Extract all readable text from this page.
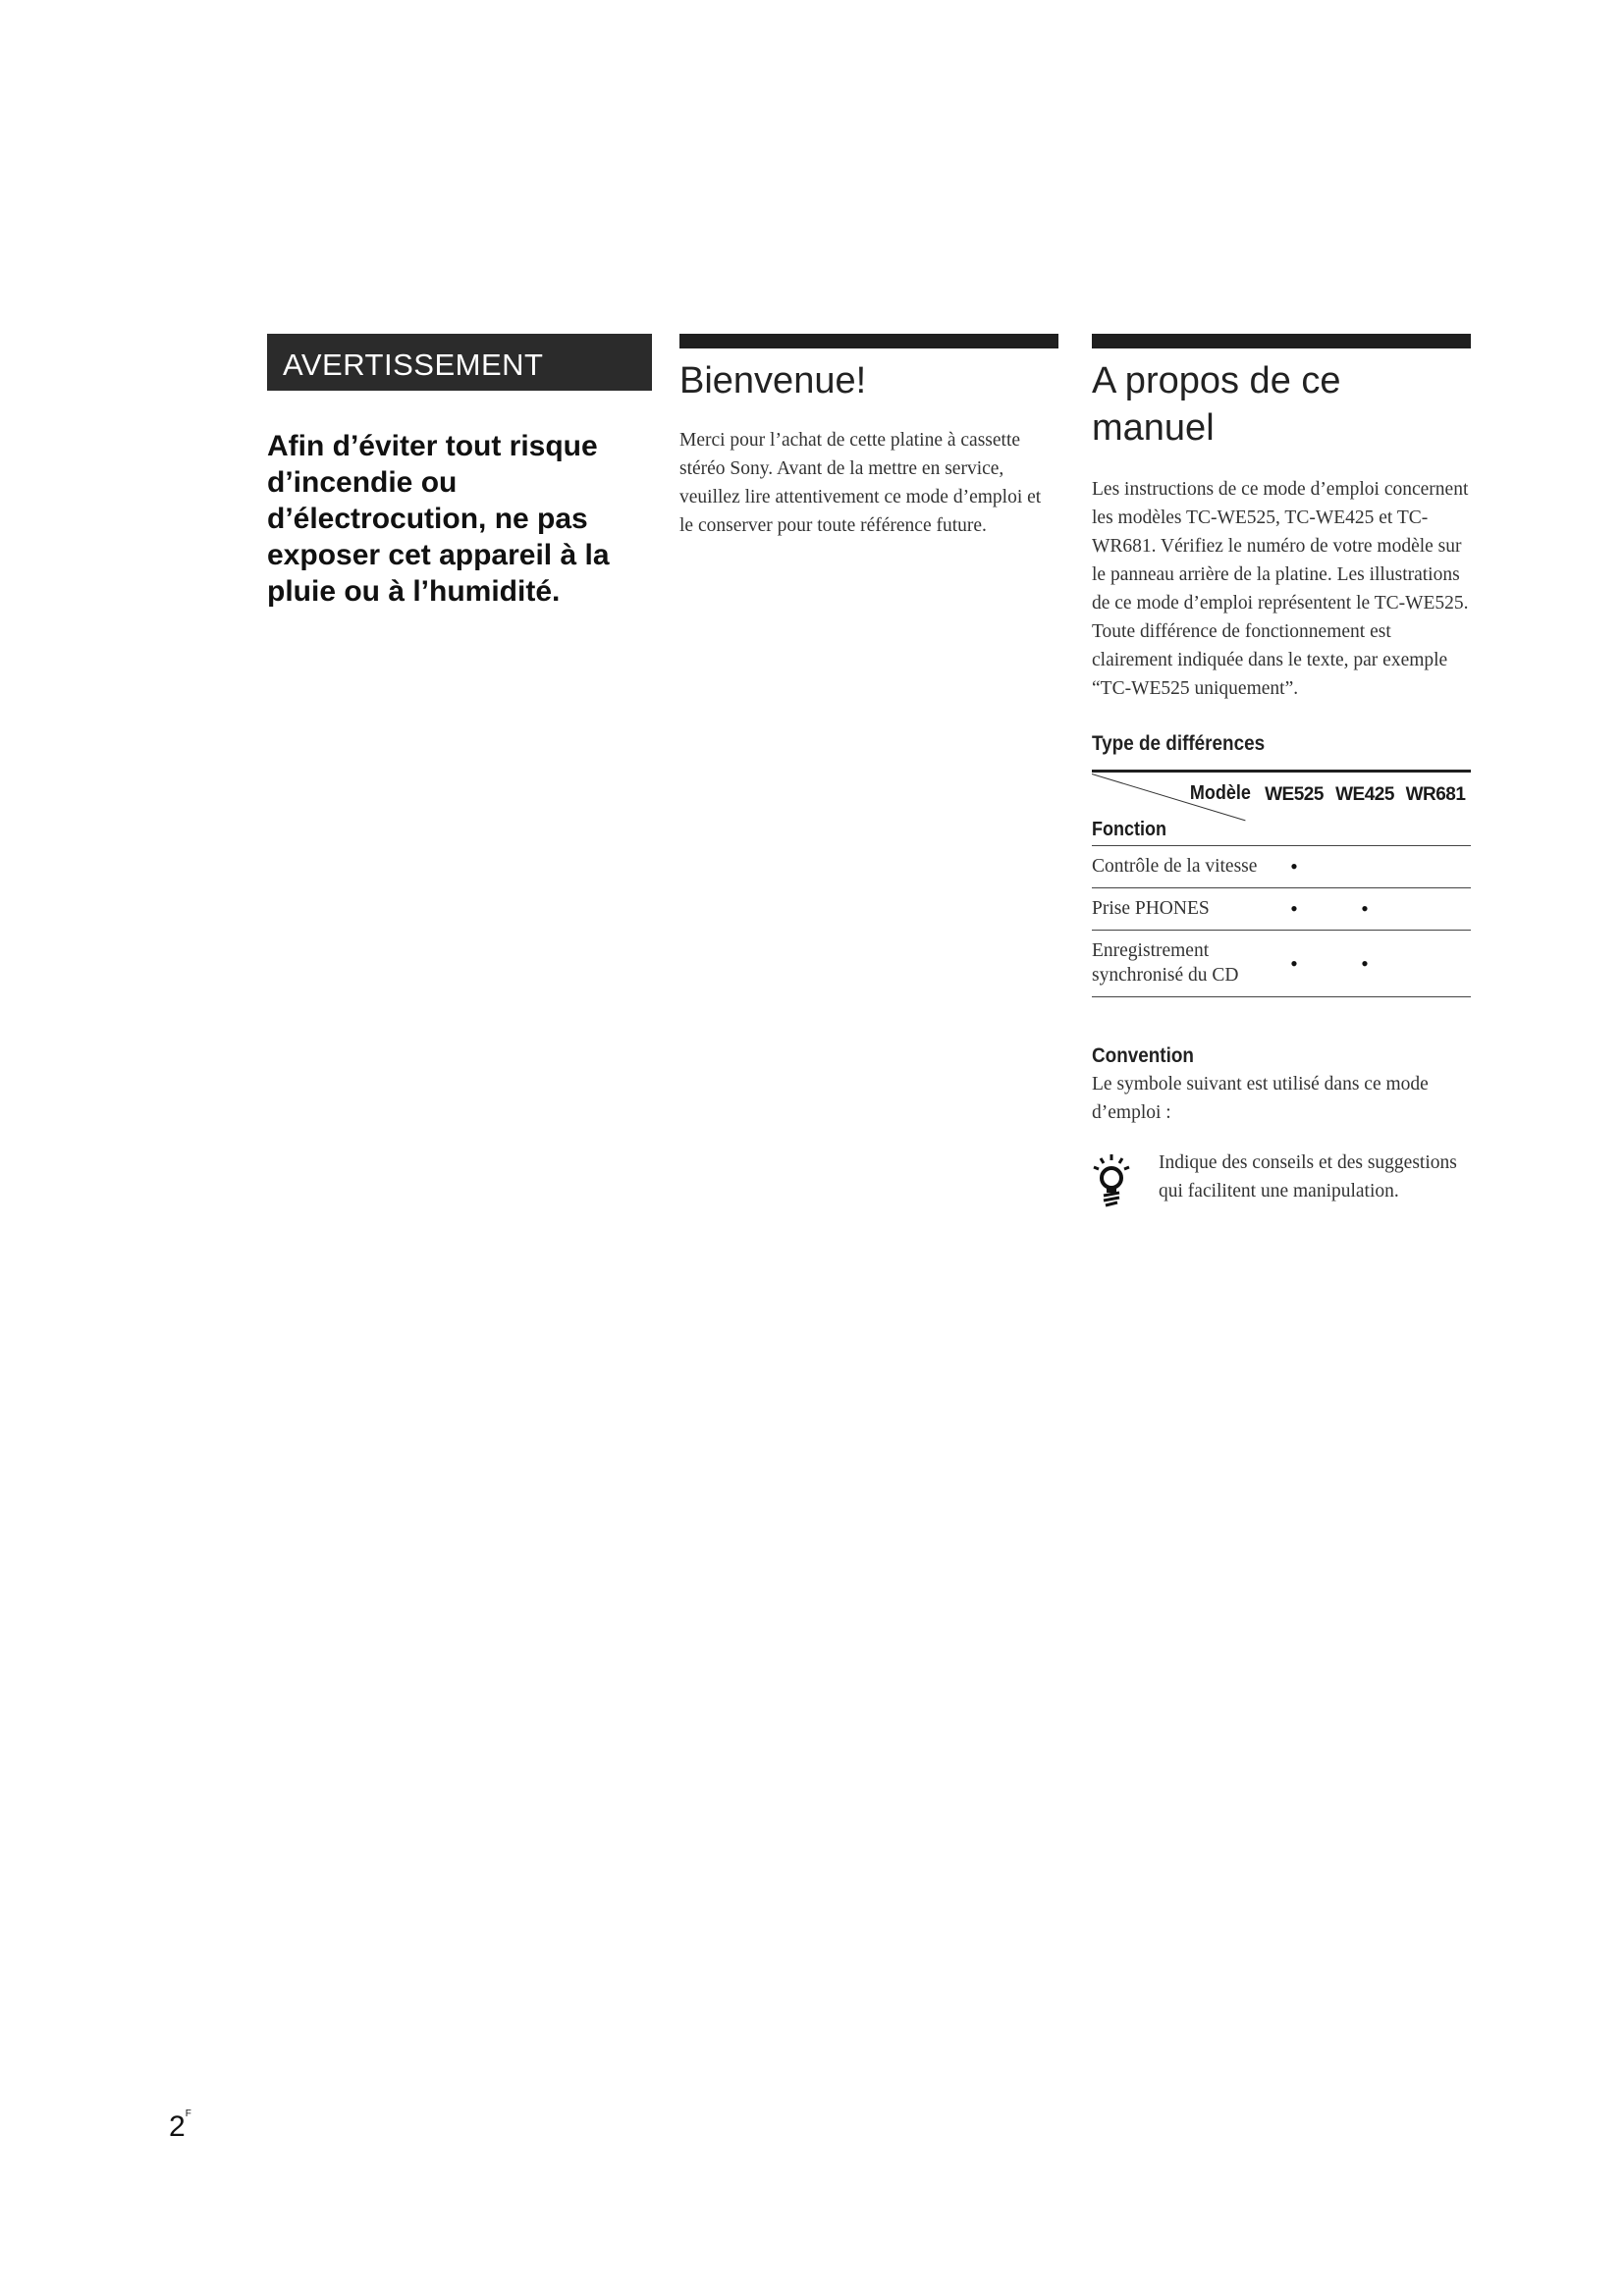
AVERTISSEMENT
Afin d’éviter tout risque d’incendie ou d’électrocution, ne pas exposer cet appareil à la pluie ou à l’humidité.
Bienvenue!
Merci pour l’achat de cette platine à cassette stéréo Sony. Avant de la mettre en service, veuillez lire attentivement ce mode d’emploi et le conserver pour toute référence future.
A propos de ce manuel
Les instructions de ce mode d’emploi concernent les modèles TC-WE525, TC-WE425 et TC-WR681. Vérifiez le numéro de votre modèle sur le panneau arrière de la platine. Les illustrations de ce mode d’emploi représentent le TC-WE525. Toute différence de fonctionnement est clairement indiquée dans le texte, par exemple “TC-WE525 uniquement”.
Type de différences
Modèle
Fonction	WE525	WE425	WR681
Contrôle de la vitesse	•		
Prise PHONES	•	•	
Enregistrement synchronisé du CD	•	•	
Convention
Le symbole suivant est utilisé dans ce mode d’emploi :
Indique des conseils et des suggestions qui facilitent une manipulation.
$2^F$
